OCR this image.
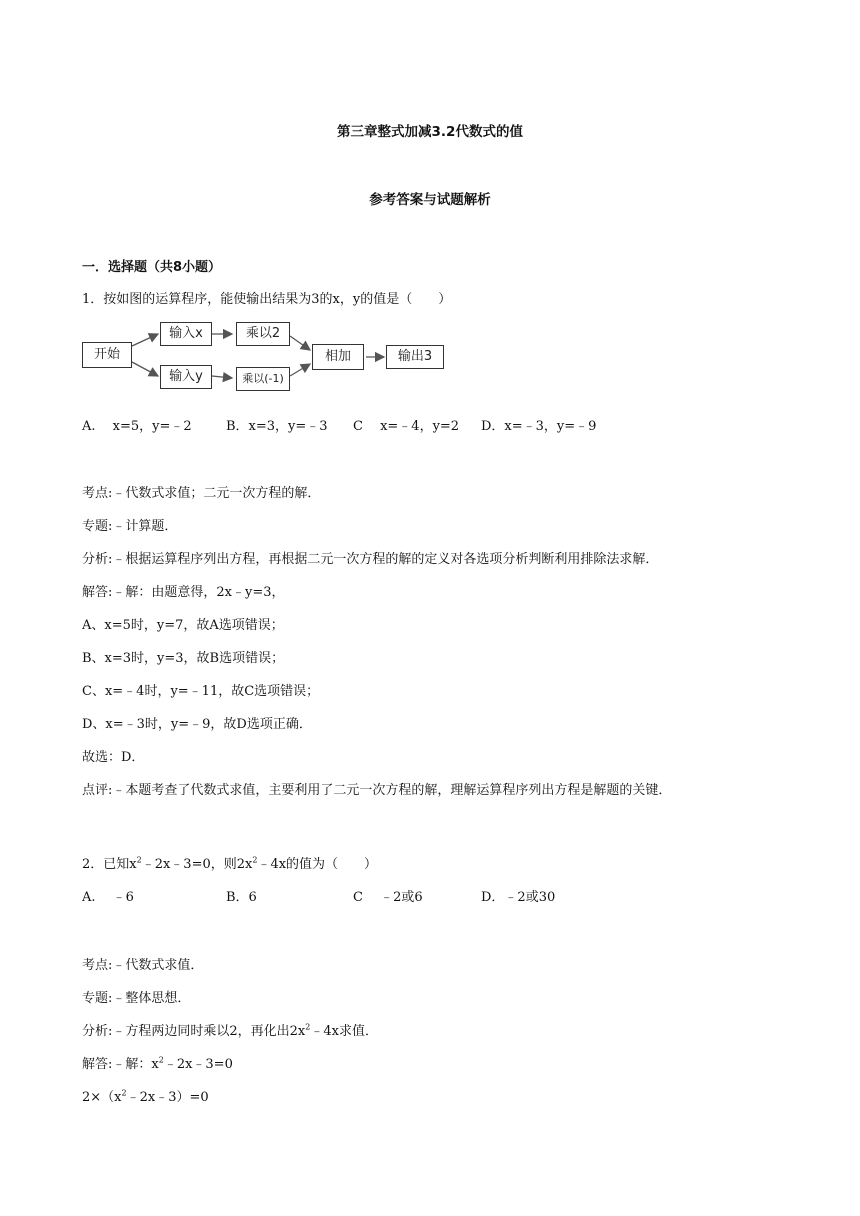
第三章整式加减3.2代数式的值
参考答案与试题解析
一．选择题（共8小题）
1．按如图的运算程序，能使输出结果为3的x，y的值是（　　）
开始
输入x	乘以2
输入y	乘以(-1)
相加	输出3
A.　 x=5，y=﹣2	B．x=3，y=﹣3 C　 x=﹣4，y=2 D．x=﹣3，y=﹣9
考点:﹣代数式求值；二元一次方程的解．
专题:﹣计算题．
分析:﹣根据运算程序列出方程，再根据二元一次方程的解的定义对各选项分析判断利用排除法求解．
解答:﹣解：由题意得，2x﹣y=3，
A、x=5时，y=7，故A选项错误；
B、x=3时，y=3，故B选项错误；
C、x=﹣4时，y=﹣11，故C选项错误；
D、x=﹣3时，y=﹣9，故D选项正确．
故选：D．
点评:﹣本题考查了代数式求值，主要利用了二元一次方程的解，理解运算程序列出方程是解题的关键．
2．已知$x^2﹣2x﹣3=0$，则$2x^2﹣4x$的值为（　　）
A.　 ﹣6	B．6	C　 ﹣2或6	D．﹣2或30
考点:﹣代数式求值．
专题:﹣整体思想．
分析:﹣方程两边同时乘以2，再化出$2x^2﹣4x$求值．
解答:﹣解：$x^2﹣2x﹣3=0$
$2\times(x^2﹣2x﹣3)=0$
